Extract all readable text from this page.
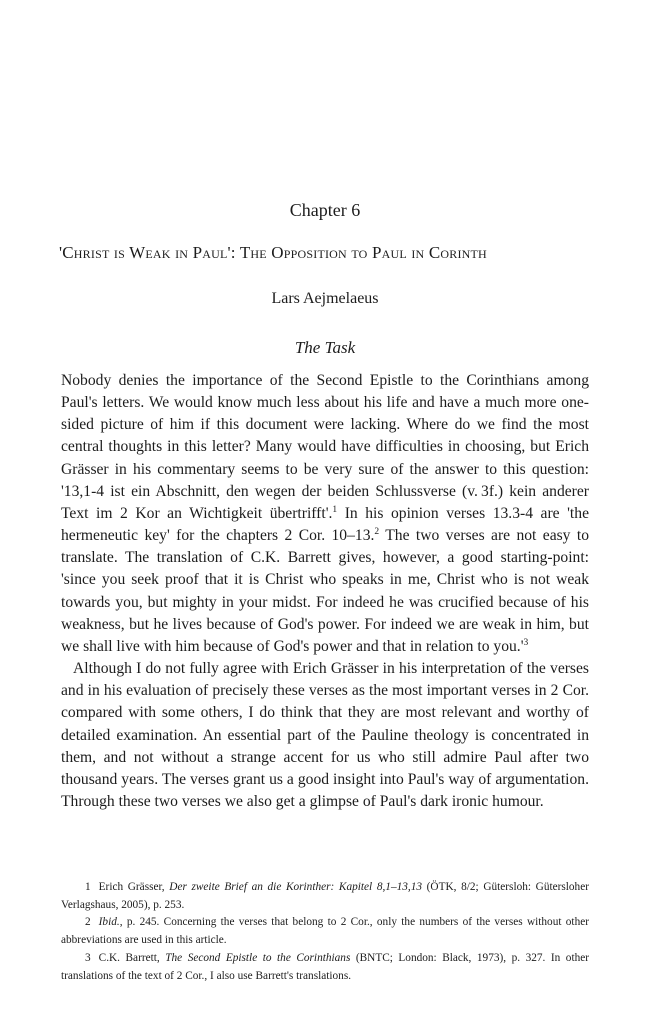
Chapter 6
'Christ is Weak in Paul': The Opposition to Paul in Corinth
Lars Aejmelaeus
The Task

Nobody denies the importance of the Second Epistle to the Corinthians among Paul's letters. We would know much less about his life and have a much more one-sided picture of him if this document were lacking. Where do we find the most central thoughts in this letter? Many would have difficulties in choosing, but Erich Grässer in his commentary seems to be very sure of the answer to this question: '13,1-4 ist ein Abschnitt, den wegen der beiden Schlussverse (v. 3f.) kein anderer Text im 2 Kor an Wichtigkeit übertrifft'.$^1$ In his opinion verses 13.3-4 are 'the hermeneutic key' for the chapters 2 Cor. 10–13.$^2$ The two verses are not easy to translate. The translation of C.K. Barrett gives, however, a good starting-point: 'since you seek proof that it is Christ who speaks in me, Christ who is not weak towards you, but mighty in your midst. For indeed he was crucified because of his weakness, but he lives because of God's power. For indeed we are weak in him, but we shall live with him because of God's power and that in relation to $you.'^3$

Although I do not fully agree with Erich Grässer in his interpretation of the verses and in his evaluation of precisely these verses as the most important verses in 2 Cor. compared with some others, I do think that they are most relevant and worthy of detailed examination. An essential part of the Pauline theology is concentrated in them, and not without a strange accent for us who still admire Paul after two thousand years. The verses grant us a good insight into Paul's way of argumentation. Through these two verses we also get a glimpse of Paul's dark ironic humour.

1 Erich Grässer, Der zweite Brief an die Korinther: Kapitel 8,1–13,13 (ÖTK, 8/2; Gütersloh: Gütersloher Verlagshaus, 2005), p. 253.

2 Ibid., p. 245. Concerning the verses that belong to 2 Cor., only the numbers of the verses without other abbreviations are used in this article.

3 C.K. Barrett, The Second Epistle to the Corinthians (BNTC; London: Black, 1973), p. 327. In other translations of the text of 2 Cor., I also use Barrett's translations.
